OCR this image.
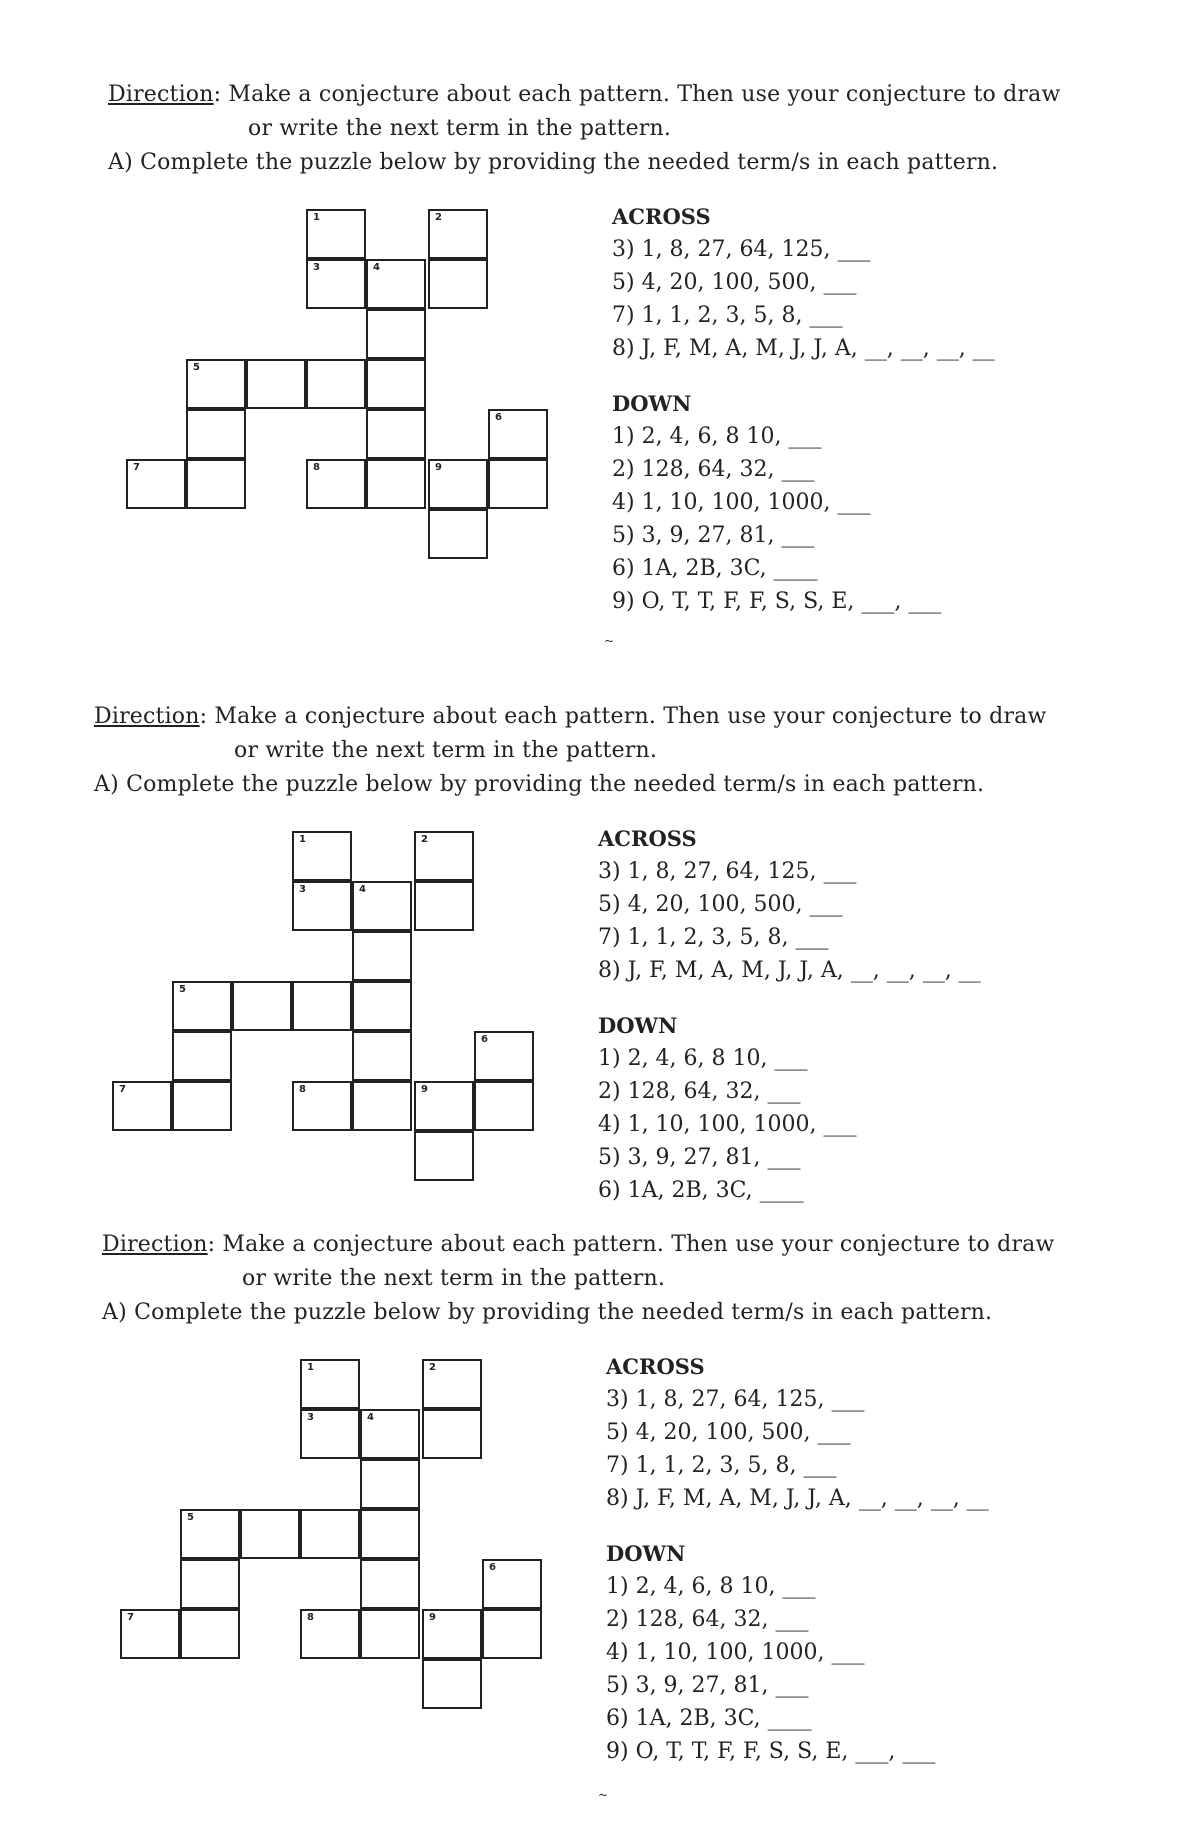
Direction: Make a conjecture about each pattern. Then use your conjecture to draw
or write the next term in the pattern.
A) Complete the puzzle below by providing the needed term/s in each pattern.
1	2
3	4
5
6
7	8	9
ACROSS
3) 1, 8, 27, 64, 125, ___
5) 4, 20, 100, 500, ___
7) 1, 1, 2, 3, 5, 8, ___
8) J, F, M, A, M, J, J, A, __, __, __, __
DOWN
1) 2, 4, 6, 8 10, ___
2) 128, 64, 32, ___
4) 1, 10, 100, 1000, ___
5) 3, 9, 27, 81, ___
6) 1A, 2B, 3C, ____
9) O, T, T, F, F, S, S, E, ___, ___
~
Direction: Make a conjecture about each pattern. Then use your conjecture to draw
or write the next term in the pattern.
A) Complete the puzzle below by providing the needed term/s in each pattern.
1	2
3	4
5
6
7	8	9
ACROSS
3) 1, 8, 27, 64, 125, ___
5) 4, 20, 100, 500, ___
7) 1, 1, 2, 3, 5, 8, ___
8) J, F, M, A, M, J, J, A, __, __, __, __
DOWN
1) 2, 4, 6, 8 10, ___
2) 128, 64, 32, ___
4) 1, 10, 100, 1000, ___
5) 3, 9, 27, 81, ___
6) 1A, 2B, 3C, ____
Direction: Make a conjecture about each pattern. Then use your conjecture to draw
or write the next term in the pattern.
A) Complete the puzzle below by providing the needed term/s in each pattern.
1	2
3	4
5
6
7	8	9
ACROSS
3) 1, 8, 27, 64, 125, ___
5) 4, 20, 100, 500, ___
7) 1, 1, 2, 3, 5, 8, ___
8) J, F, M, A, M, J, J, A, __, __, __, __
DOWN
1) 2, 4, 6, 8 10, ___
2) 128, 64, 32, ___
4) 1, 10, 100, 1000, ___
5) 3, 9, 27, 81, ___
6) 1A, 2B, 3C, ____
9) O, T, T, F, F, S, S, E, ___, ___
~
